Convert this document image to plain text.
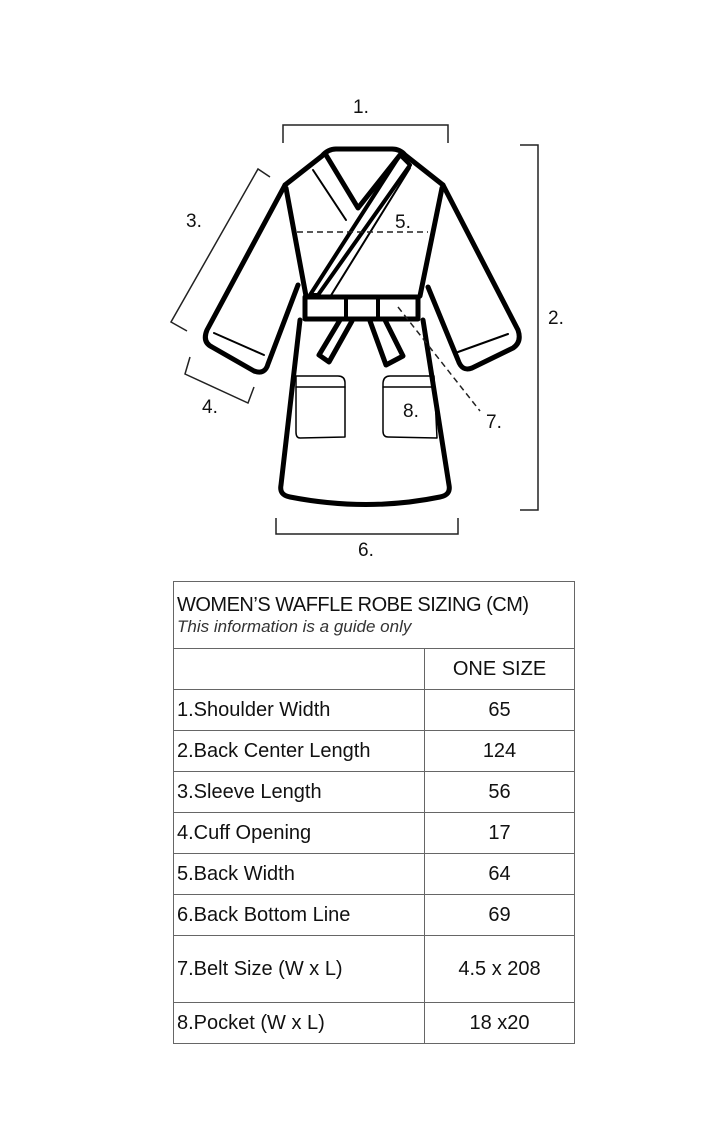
1.
2.
3.
4.
5.
6.
7.
8.
WOMEN’S WAFFLE ROBE SIZING (CM)
This information is a guide only	

	ONE SIZE
1.Shoulder Width	65
2.Back Center Length	124
3.Sleeve Length	56
4.Cuff Opening	17
5.Back Width	64
6.Back Bottom Line	69
7.Belt Size (W x L)	4.5 x 208
8.Pocket (W x L)	18 x20
